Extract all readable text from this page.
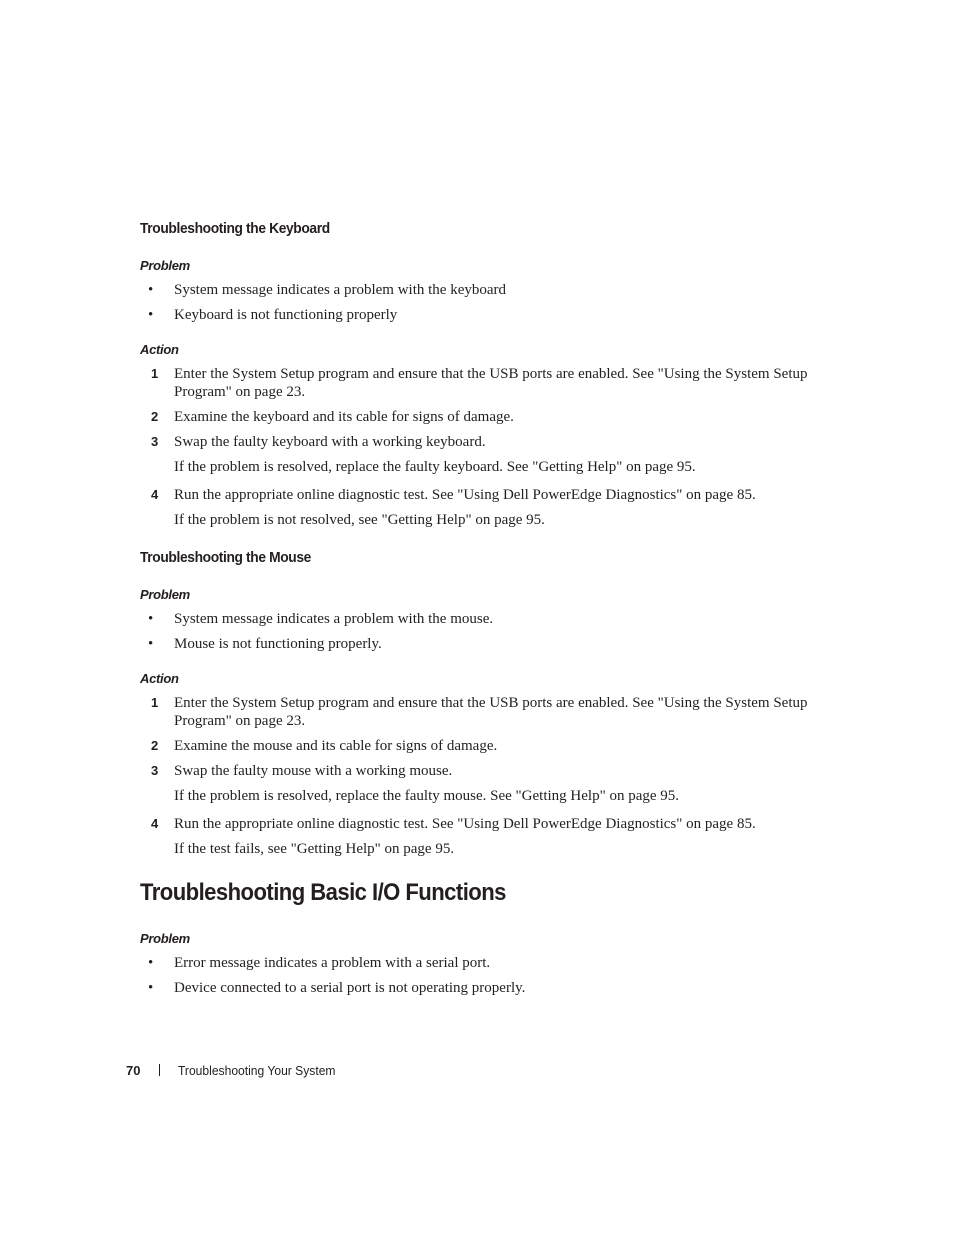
Troubleshooting the Keyboard
Problem
• System message indicates a problem with the keyboard
• Keyboard is not functioning properly
Action
1 Enter the System Setup program and ensure that the USB ports are enabled. See "Using the System Setup Program" on page 23.
2 Examine the keyboard and its cable for signs of damage.
3 Swap the faulty keyboard with a working keyboard.
If the problem is resolved, replace the faulty keyboard. See "Getting Help" on page 95.
4 Run the appropriate online diagnostic test. See "Using Dell PowerEdge Diagnostics" on page 85.
If the problem is not resolved, see "Getting Help" on page 95.
Troubleshooting the Mouse
Problem
• System message indicates a problem with the mouse.
• Mouse is not functioning properly.
Action
1 Enter the System Setup program and ensure that the USB ports are enabled. See "Using the System Setup Program" on page 23.
2 Examine the mouse and its cable for signs of damage.
3 Swap the faulty mouse with a working mouse.
If the problem is resolved, replace the faulty mouse. See "Getting Help" on page 95.
4 Run the appropriate online diagnostic test. See "Using Dell PowerEdge Diagnostics" on page 85.
If the test fails, see "Getting Help" on page 95.
Troubleshooting Basic I/O Functions
Problem
• Error message indicates a problem with a serial port.
• Device connected to a serial port is not operating properly.
70	Troubleshooting Your System
